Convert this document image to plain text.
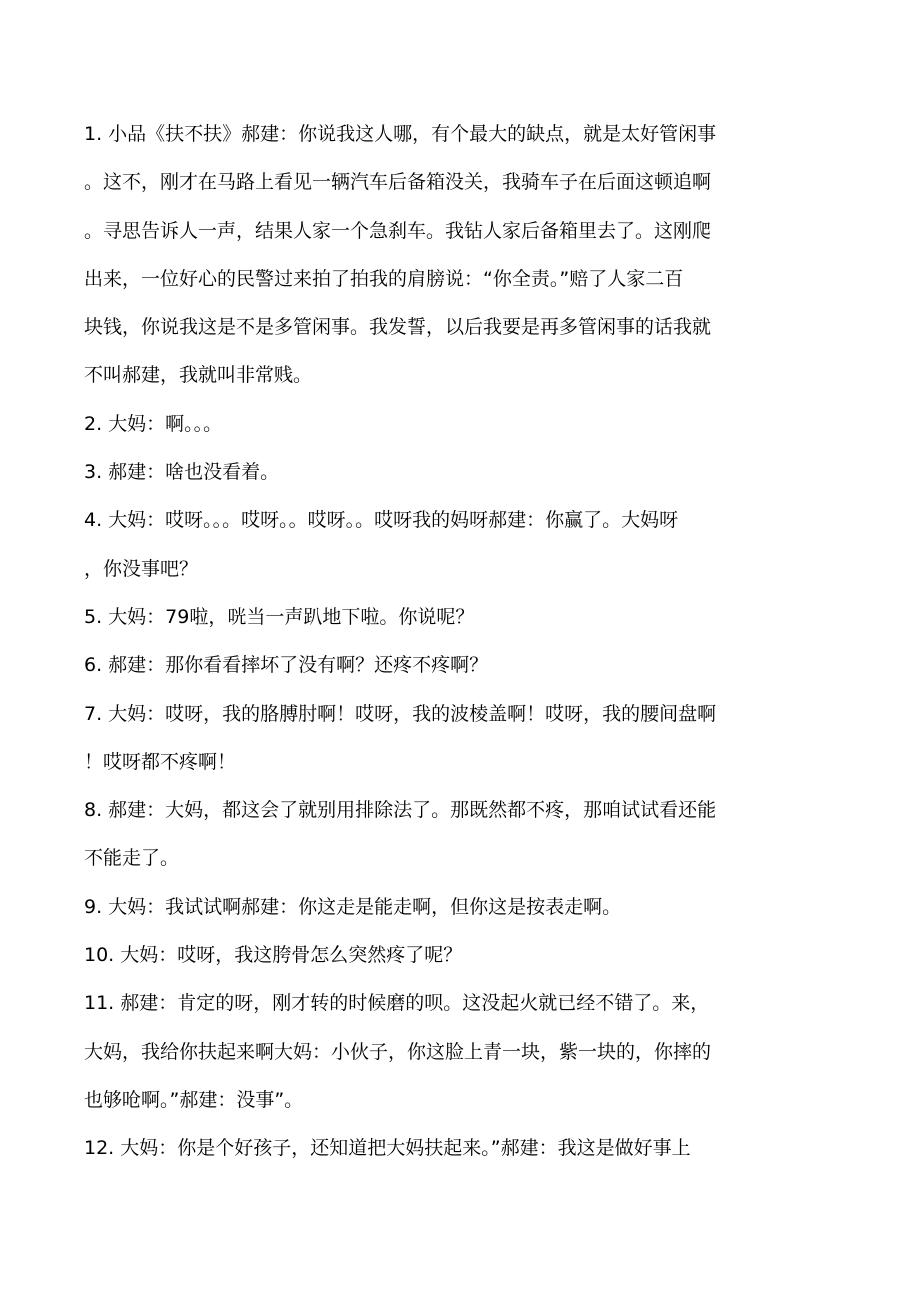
1. 小品《扶不扶》郝建：你说我这人哪，有个最大的缺点，就是太好管闲事
。这不，刚才在马路上看见一辆汽车后备箱没关，我骑车子在后面这顿追啊
。寻思告诉人一声，结果人家一个急刹车。我钻人家后备箱里去了。这刚爬
出来，一位好心的民警过来拍了拍我的肩膀说：“你全责。”赔了人家二百
块钱，你说我这是不是多管闲事。我发誓，以后我要是再多管闲事的话我就
不叫郝建，我就叫非常贱。
2. 大妈：啊。。。
3. 郝建：啥也没看着。
4. 大妈：哎呀。。。哎呀。。哎呀。。哎呀我的妈呀郝建：你赢了。大妈呀
，你没事吧？
5. 大妈：79啦，咣当一声趴地下啦。你说呢？
6. 郝建：那你看看摔坏了没有啊？还疼不疼啊？
7. 大妈：哎呀，我的胳膊肘啊！哎呀，我的波棱盖啊！哎呀，我的腰间盘啊
！哎呀都不疼啊！
8. 郝建：大妈，都这会了就别用排除法了。那既然都不疼，那咱试试看还能
不能走了。
9. 大妈：我试试啊郝建：你这走是能走啊，但你这是按表走啊。
10. 大妈：哎呀，我这胯骨怎么突然疼了呢？
11. 郝建：肯定的呀，刚才转的时候磨的呗。这没起火就已经不错了。来，
大妈，我给你扶起来啊大妈：小伙子，你这脸上青一块，紫一块的，你摔的
也够呛啊。”郝建：没事”。
12. 大妈：你是个好孩子，还知道把大妈扶起来。”郝建：我这是做好事上
